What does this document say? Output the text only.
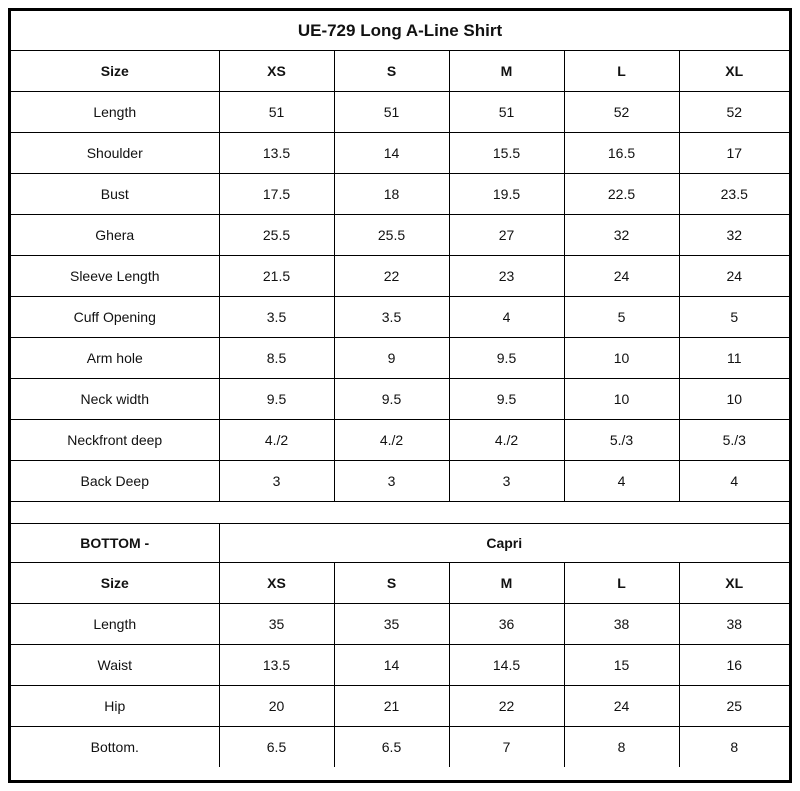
UE-729 Long A-Line Shirt					
Size	XS	S	M	L	XL
Length	51	51	51	52	52
Shoulder	13.5	14	15.5	16.5	17
Bust	17.5	18	19.5	22.5	23.5
Ghera	25.5	25.5	27	32	32
Sleeve Length	21.5	22	23	24	24
Cuff Opening	3.5	3.5	4	5	5
Arm hole	8.5	9	9.5	10	11
Neck width	9.5	9.5	9.5	10	10
Neckfront deep	4./2	4./2	4./2	5./3	5./3
Back Deep	3	3	3	4	4

BOTTOM -	Capri				
Size	XS	S	M	L	XL
Length	35	35	36	38	38
Waist	13.5	14	14.5	15	16
Hip	20	21	22	24	25
Bottom.	6.5	6.5	7	8	8
